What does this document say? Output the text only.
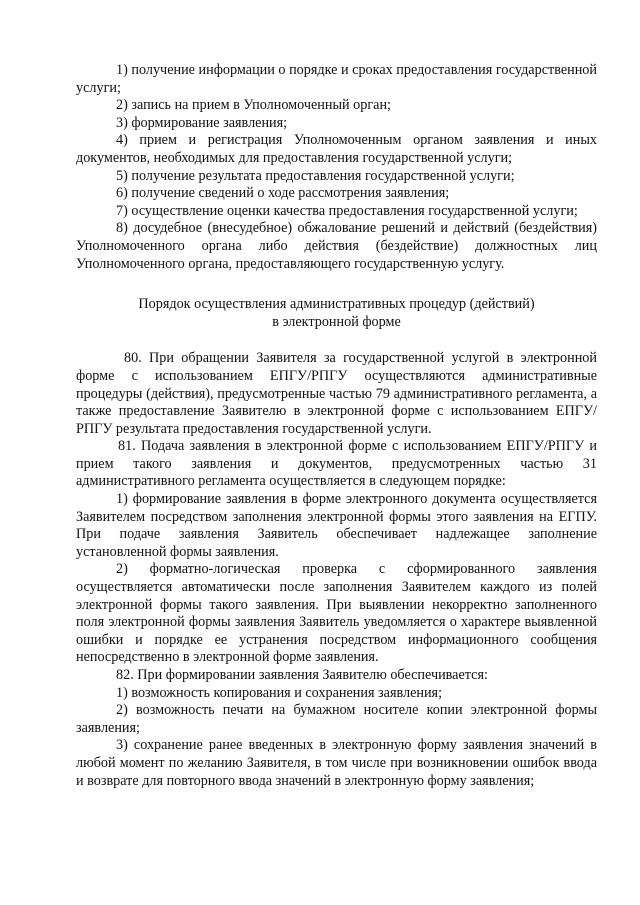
1) получение информации о порядке и сроках предоставления государственной услуги;

2) запись на прием в Уполномоченный орган;

3) формирование заявления;

4) прием и регистрация Уполномоченным органом заявления и иных документов, необходимых для предоставления государственной услуги;

5) получение результата предоставления государственной услуги;

6) получение сведений о ходе рассмотрения заявления;

7) осуществление оценки качества предоставления государственной услуги;

8) досудебное (внесудебное) обжалование решений и действий (бездействия) Уполномоченного органа либо действия (бездействие) должностных лиц Уполномоченного органа, предоставляющего государственную услугу.

Порядок осуществления административных процедур (действий)
в электронной форме

80. При обращении Заявителя за государственной услугой в электронной форме с использованием ЕПГУ/РПГУ осуществляются административные процедуры (действия), предусмотренные частью 79 административного регламента, а также предоставление Заявителю в электронной форме с использованием ЕПГУ/РПГУ результата предоставления государственной услуги.

81. Подача заявления в электронной форме с использованием ЕПГУ/РПГУ и прием такого заявления и документов, предусмотренных частью 31 административного регламента осуществляется в следующем порядке:

1) формирование заявления в форме электронного документа осуществляется Заявителем посредством заполнения электронной формы этого заявления на ЕГПУ. При подаче заявления Заявитель обеспечивает надлежащее заполнение установленной формы заявления.

2) форматно-логическая проверка с сформированного заявления осуществляется автоматически после заполнения Заявителем каждого из полей электронной формы такого заявления. При выявлении некорректно заполненного поля электронной формы заявления Заявитель уведомляется о характере выявленной ошибки и порядке ее устранения посредством информационного сообщения непосредственно в электронной форме заявления.

82. При формировании заявления Заявителю обеспечивается:

1) возможность копирования и сохранения заявления;

2) возможность печати на бумажном носителе копии электронной формы заявления;

3) сохранение ранее введенных в электронную форму заявления значений в любой момент по желанию Заявителя, в том числе при возникновении ошибок ввода и возврате для повторного ввода значений в электронную форму заявления;
